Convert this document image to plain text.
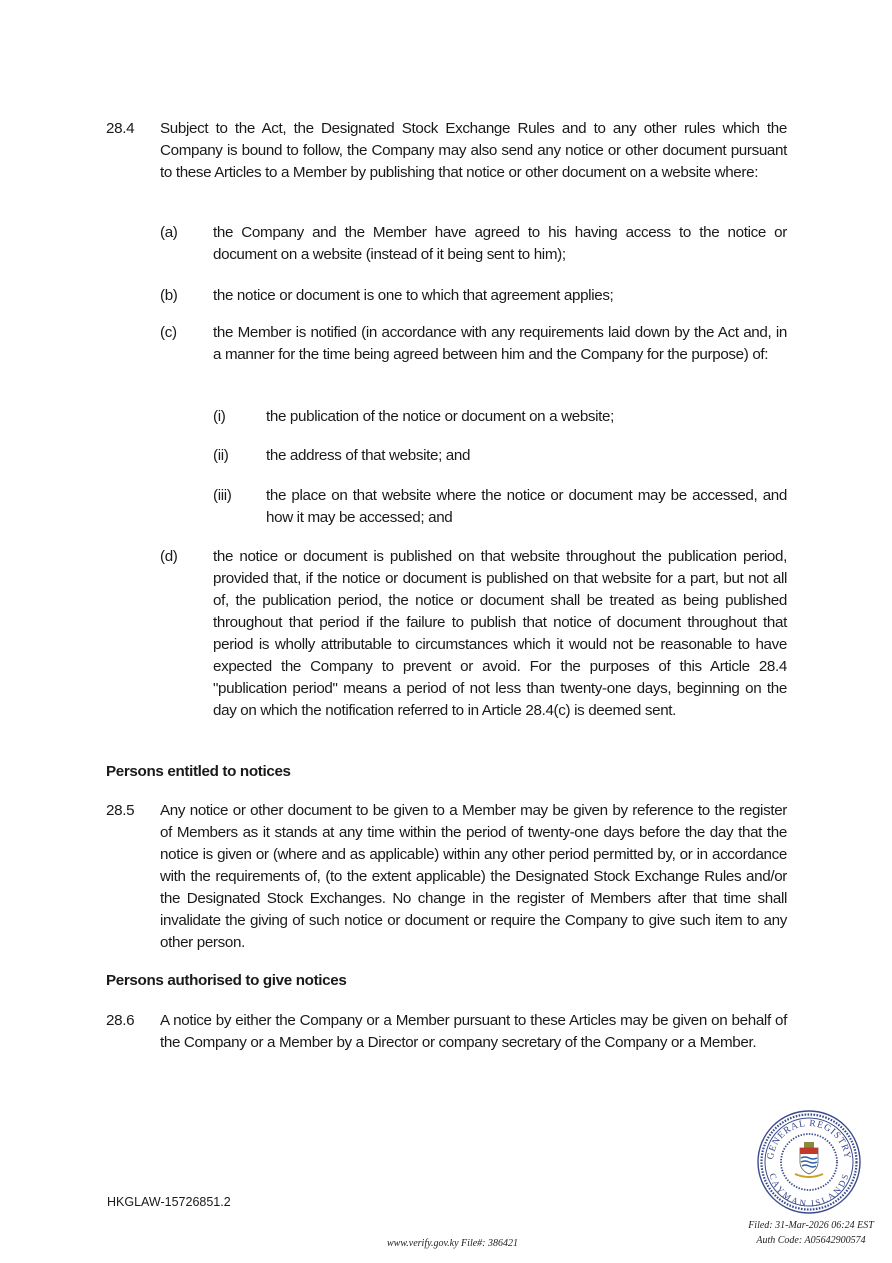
28.4	Subject to the Act, the Designated Stock Exchange Rules and to any other rules which the Company is bound to follow, the Company may also send any notice or other document pursuant to these Articles to a Member by publishing that notice or other document on a website where:
(a)	the Company and the Member have agreed to his having access to the notice or document on a website (instead of it being sent to him);
(b)	the notice or document is one to which that agreement applies;
(c)	the Member is notified (in accordance with any requirements laid down by the Act and, in a manner for the time being agreed between him and the Company for the purpose) of:
(i)	the publication of the notice or document on a website;
(ii)	the address of that website; and
(iii)	the place on that website where the notice or document may be accessed, and how it may be accessed; and
(d)	the notice or document is published on that website throughout the publication period, provided that, if the notice or document is published on that website for a part, but not all of, the publication period, the notice or document shall be treated as being published throughout that period if the failure to publish that notice of document throughout that period is wholly attributable to circumstances which it would not be reasonable to have expected the Company to prevent or avoid. For the purposes of this Article 28.4 "publication period" means a period of not less than twenty-one days, beginning on the day on which the notification referred to in Article 28.4(c) is deemed sent.
Persons entitled to notices
28.5	Any notice or other document to be given to a Member may be given by reference to the register of Members as it stands at any time within the period of twenty-one days before the day that the notice is given or (where and as applicable) within any other period permitted by, or in accordance with the requirements of, (to the extent applicable) the Designated Stock Exchange Rules and/or the Designated Stock Exchanges. No change in the register of Members after that time shall invalidate the giving of such notice or document or require the Company to give such item to any other person.
Persons authorised to give notices
28.6	A notice by either the Company or a Member pursuant to these Articles may be given on behalf of the Company or a Member by a Director or company secretary of the Company or a Member.
HKGLAW-15726851.2
GENERAL REGISTRY
CAYMAN ISLANDS
www.verify.gov.ky File#: 386421
Filed: 31-Mar-2026 06:24 EST
Auth Code: A05642900574
